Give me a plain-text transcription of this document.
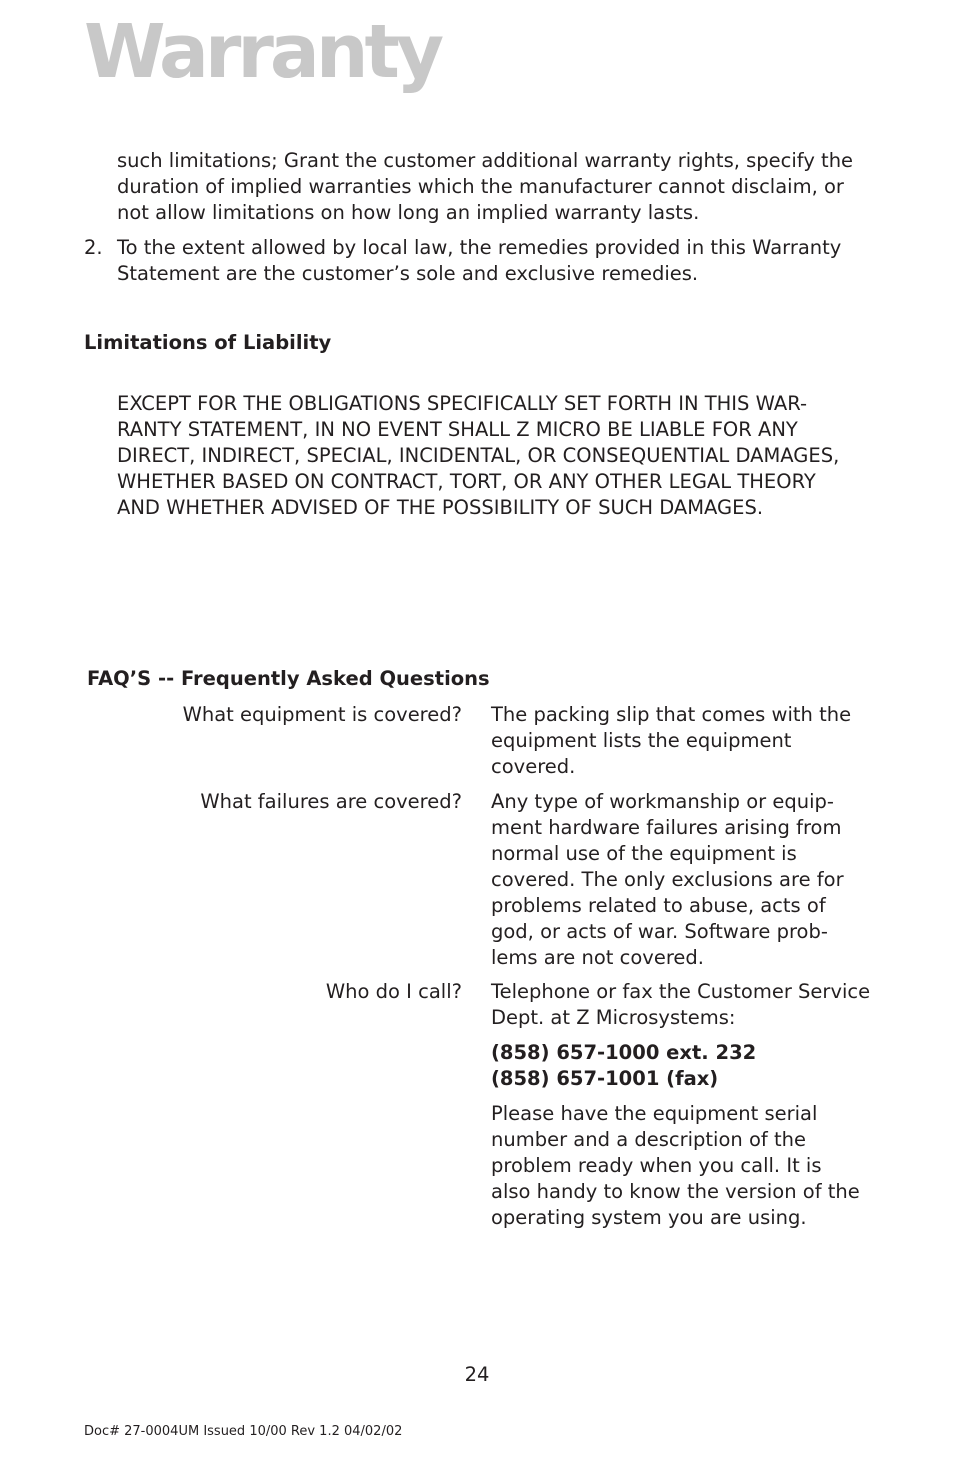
Warranty

such limitations; Grant the customer additional warranty rights, specify the
duration of implied warranties which the manufacturer cannot disclaim, or
not allow limitations on how long an implied warranty lasts.

2. To the extent allowed by local law, the remedies provided in this Warranty
Statement are the customer’s sole and exclusive remedies.

Limitations of Liability

EXCEPT FOR THE OBLIGATIONS SPECIFICALLY SET FORTH IN THIS WAR-
RANTY STATEMENT, IN NO EVENT SHALL Z MICRO BE LIABLE FOR ANY
DIRECT, INDIRECT, SPECIAL, INCIDENTAL, OR CONSEQUENTIAL DAMAGES,
WHETHER BASED ON CONTRACT, TORT, OR ANY OTHER LEGAL THEORY
AND WHETHER ADVISED OF THE POSSIBILITY OF SUCH DAMAGES.

FAQ’S -- Frequently Asked Questions

What equipment is covered? The packing slip that comes with the
equipment lists the equipment
covered.

What failures are covered? Any type of workmanship or equip-
ment hardware failures arising from
normal use of the equipment is
covered. The only exclusions are for
problems related to abuse, acts of
god, or acts of war. Software prob-
lems are not covered.

Who do I call? Telephone or fax the Customer Service
Dept. at Z Microsystems:

(858) 657-1000 ext. 232

(858) 657-1001 (fax)

Please have the equipment serial
number and a description of the
problem ready when you call. It is
also handy to know the version of the
operating system you are using.

24

Doc# 27-0004UM Issued 10/00 Rev 1.2 04/02/02
